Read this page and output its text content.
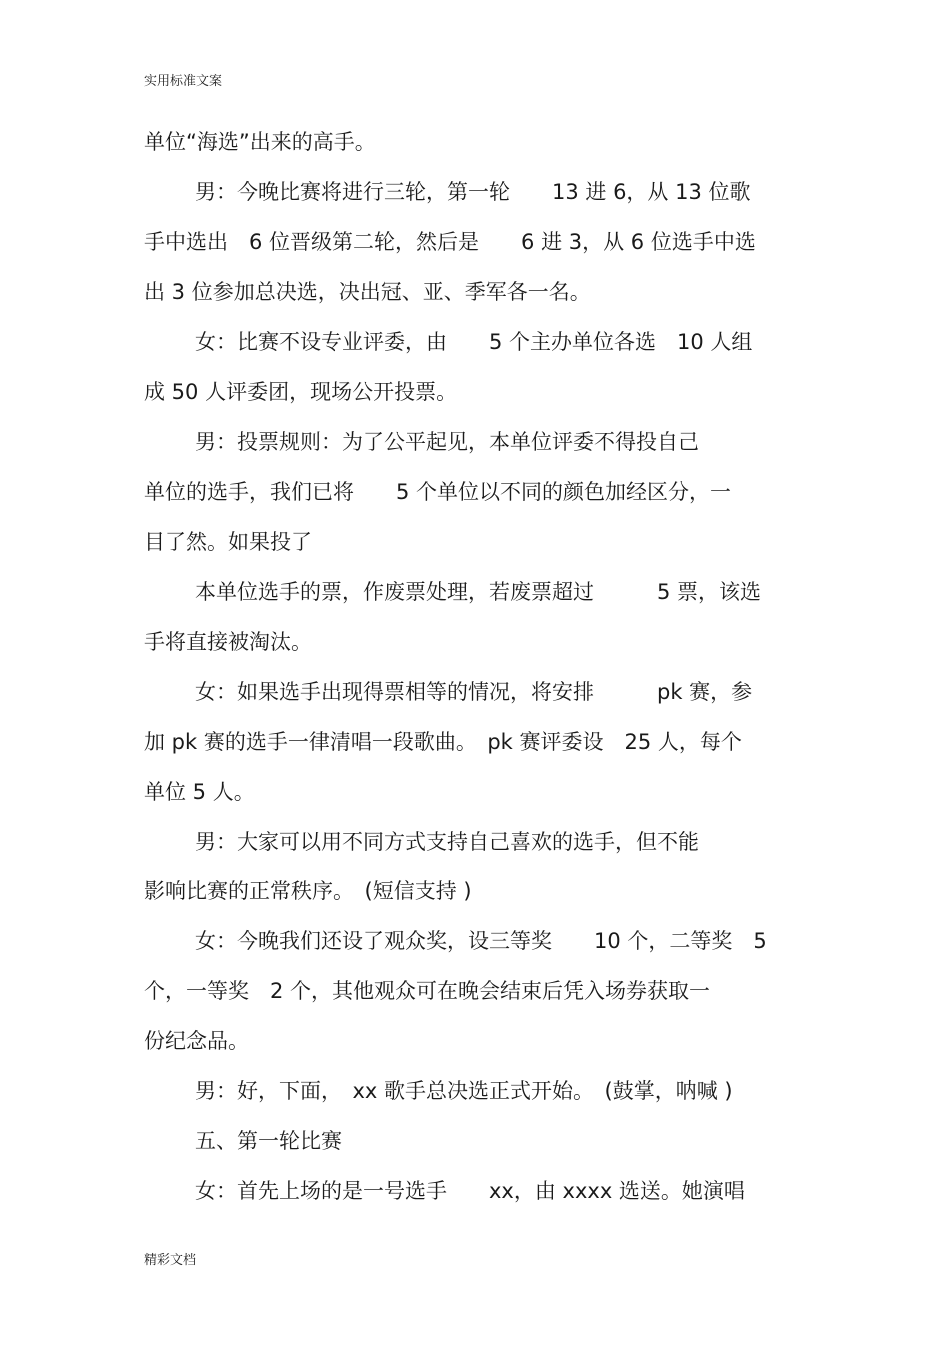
实用标准文案
单位“海选”出来的高手。
男：今晚比赛将进行三轮，第一轮　　13 进 6，从 13 位歌
手中选出　6 位晋级第二轮，然后是　　6 进 3，从 6 位选手中选
出 3 位参加总决选，决出冠、亚、季军各一名。
女：比赛不设专业评委，由　　5 个主办单位各选　10 人组
成 50 人评委团，现场公开投票。
男：投票规则：为了公平起见，本单位评委不得投自己
单位的选手，我们已将　　5 个单位以不同的颜色加经区分，一
目了然。如果投了
本单位选手的票，作废票处理，若废票超过　　　5 票，该选
手将直接被淘汰。
女：如果选手出现得票相等的情况，将安排　　　pk 赛，参
加 pk 赛的选手一律清唱一段歌曲。　pk 赛评委设　25 人，每个
单位 5 人。
男：大家可以用不同方式支持自己喜欢的选手，但不能
影响比赛的正常秩序。　(短信支持 )
女：今晚我们还设了观众奖，设三等奖　　10 个，二等奖　5
个，一等奖　2 个，其他观众可在晚会结束后凭入场券获取一
份纪念品。
男：好，下面，　xx 歌手总决选正式开始。　(鼓掌，呐喊 )
五、第一轮比赛
女：首先上场的是一号选手　　xx，由 xxxx 选送。她演唱
精彩文档
